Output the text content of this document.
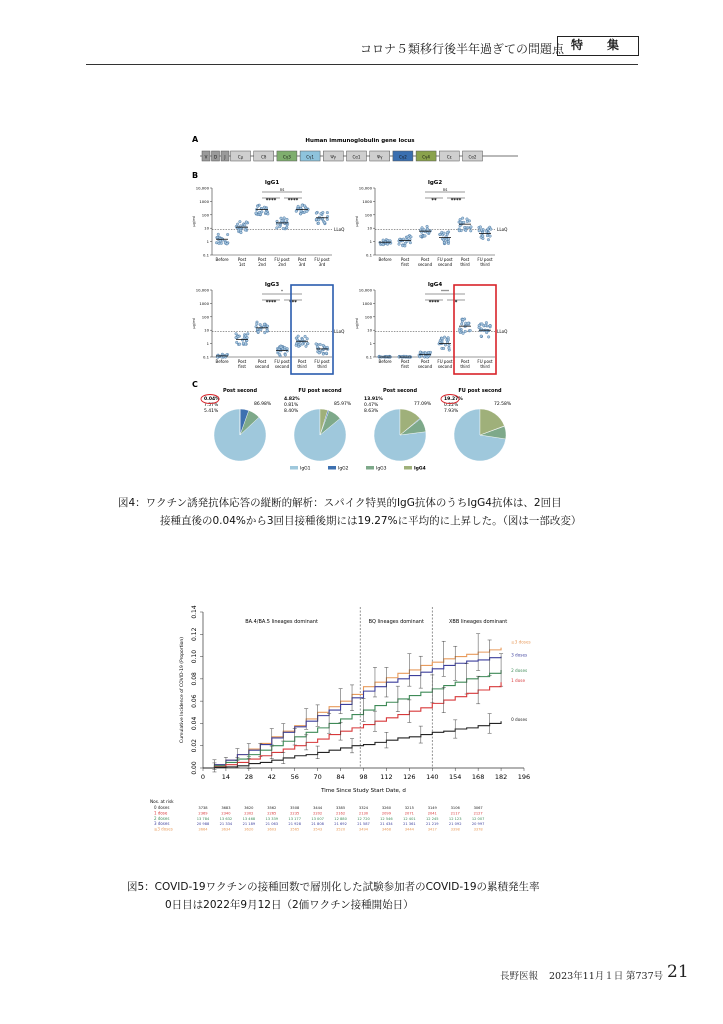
コロナ５類移行後半年過ぎての問題点 特　集
A	Human immunoglobulin gene locus
V D J	Cμ	Cδ	Cγ3	Cγ1	Ψγ	Cα1	Ψγ	Cγ2	Cγ4	Cε	Cα2
B
IgG1
10,000
1000
100
10
1
0.1
μg/ml
LLoQ
Before Post
1st
Post
2nd
FU post
2nd
Post
3rd
FU post
3rd
ns
**** ****
IgG2
10,000
1000
100
10
1
0.1
μg/ml
LLoQ
Before Post
first
Post
second
FU post
second
Post
third
FU post
third
ns
**	****
IgG3
10,000
1000
100
10
1
0.1
μg/ml
LLoQ
Before Post
first
Post
second
FU post
second
Post
third
FU post
third
*
****	***
IgG4
10,000
1000
100
10
1
0.1
μg/ml
LLoQ
Before Post
first
Post
second
FU post
second
Post
third
FU post
third
****
****	*
C
Post second
0.04%
7.57%
5.41%
86.98%
FU post second
4.82%
0.81%
8.40%
85.97%
Post second
13.91%
0.47%
8.63%
77.09%
FU post second
19.27%
0.22%
7.93%
72.58%
IgG1	IgG2	IgG3	IgG4
図4：ワクチン誘発抗体応答の縦断的解析：スパイク特異的IgG抗体のうちIgG4抗体は、2回目
接種直後の0.04%から3回目接種後期には19.27%に平均的に上昇した。（図は一部改変）
0	14 28 42 56 70 84 98 112 126 140 154 168 182 196
0.00
0.02
0.04
0.06
0.08
0.10
0.12
0.14
Time Since Study Start Date, d
Cumulative Incidence of COVID-19 (Proportion)
BA.4/BA.5 lineages dominant	BQ lineages dominant	XBB lineages dominant
≥3 doses
3 doses
2 doses
1 dose
0 doses
Nos. at risk
0 doses	3738	3683	3620	3562	3508	3444	3385	3324	3260	3215	3149	3106	3067
1 dose	2369	2340	2302	2265	2235	2202	2162	2130	2099	2071	2041	2117	2127
2 doses	13 784	13 632	13 468	13 339	13 177	13 007	12 880	12 720	12 546	12 401	12 245	12 123	12 007
3 doses	20 988	21 334	21 189	21 063	21 928	21 808	21 692	21 587	21 434	21 361	21 219	21 092	20 997
≥3 doses	3664	3634	3620	3603	3565	3543	3520	3494	3468	3444	3417	3398	3378
図5：COVID-19ワクチンの接種回数で層別化した試験参加者のCOVID-19の累積発生率
0日目は2022年9月12日（2価ワクチン接種開始日）
長野医報 2023年11月１日 第737号 21
